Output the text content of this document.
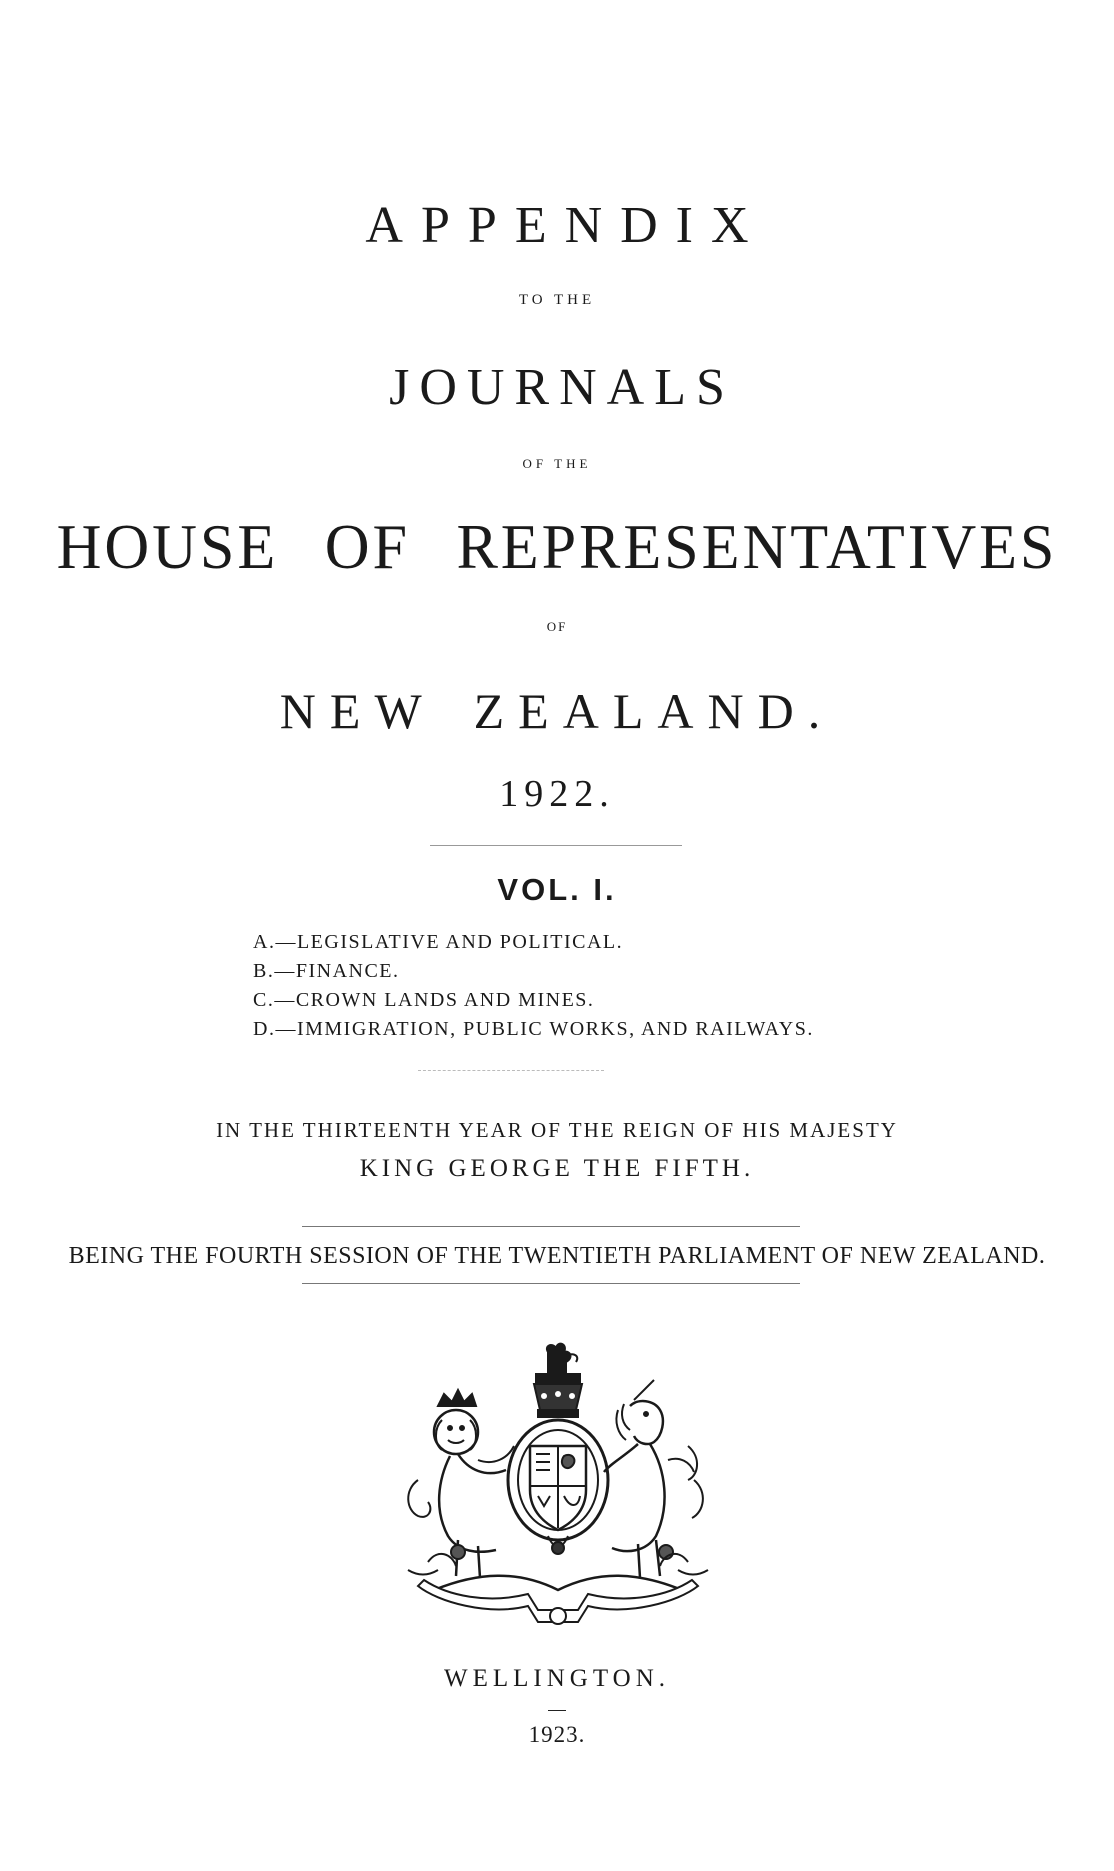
APPENDIX
TO THE
JOURNALS
OF THE
HOUSE OF REPRESENTATIVES
OF
NEW ZEALAND.
1922.
VOL. I.
A.—LEGISLATIVE AND POLITICAL.
B.—FINANCE.
C.—CROWN LANDS AND MINES.
D.—IMMIGRATION, PUBLIC WORKS, AND RAILWAYS.
IN THE THIRTEENTH YEAR OF THE REIGN OF HIS MAJESTY
KING GEORGE THE FIFTH.
BEING THE FOURTH SESSION OF THE TWENTIETH PARLIAMENT OF NEW ZEALAND.
WELLINGTON.
1923.
